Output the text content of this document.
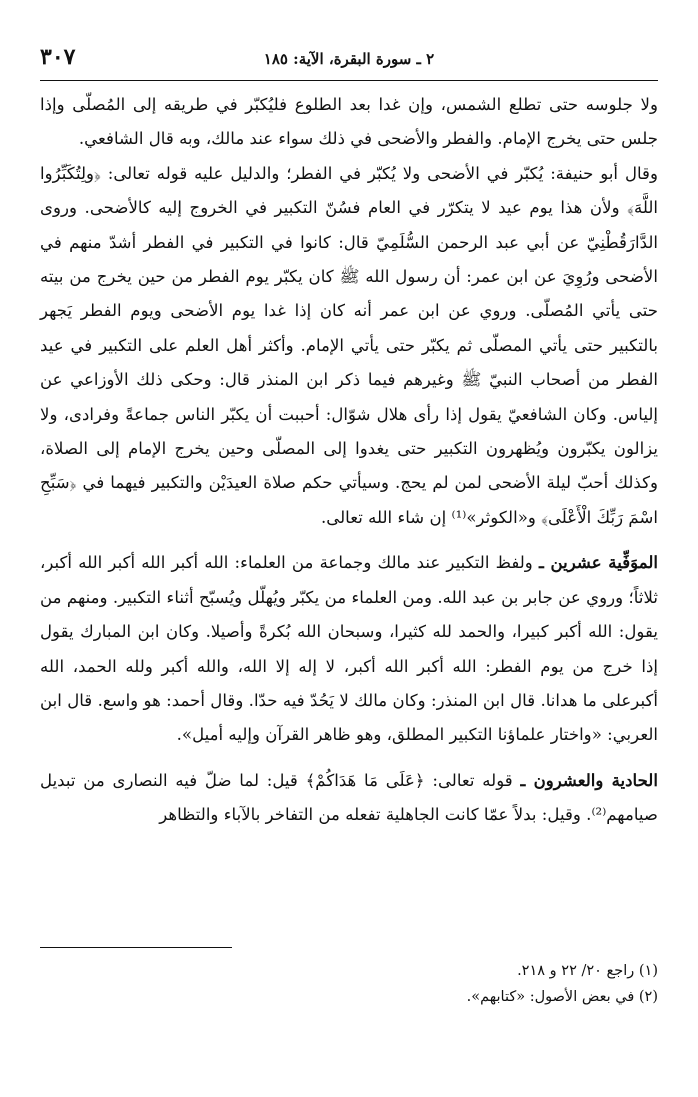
٢ ـ سورة البقرة، الآية: ١٨٥
٣٠٧

ولا جلوسه حتى تطلع الشمس، وإن غدا بعد الطلوع فليُكبّر في طريقه إلى المُصلّى وإذا جلس حتى يخرج الإمام. والفطر والأضحى في ذلك سواء عند مالك، وبه قال الشافعي.

وقال أبو حنيفة: يُكبّر في الأضحى ولا يُكبّر في الفطر؛ والدليل عليه قوله تعالى: ﴿ولِتُكَبِّرُوا اللَّهَ﴾ ولأن هذا يوم عيد لا يتكرّر في العام فسُنّ التكبير في الخروج إليه كالأضحى. وروى الدَّارَقُطْنِيّ عن أبي عبد الرحمن السُّلَمِيّ قال: كانوا في التكبير في الفطر أشدّ منهم في الأضحى ورُوِيَ عن ابن عمر: أن رسول الله ﷺ كان يكبّر يوم الفطر من حين يخرج من بيته حتى يأتي المُصلّى. وروي عن ابن عمر أنه كان إذا غدا يوم الأضحى ويوم الفطر يَجهر بالتكبير حتى يأتي المصلّى ثم يكبّر حتى يأتي الإمام. وأكثر أهل العلم على التكبير في عيد الفطر من أصحاب النبيّ ﷺ وغيرهم فيما ذكر ابن المنذر قال: وحكى ذلك الأوزاعي عن إلياس. وكان الشافعيّ يقول إذا رأى هلال شوّال: أحببت أن يكبّر الناس جماعةً وفرادى، ولا يزالون يكبّرون ويُظهرون التكبير حتى يغدوا إلى المصلّى وحين يخرج الإمام إلى الصلاة، وكذلك أحبّ ليلة الأضحى لمن لم يحج. وسيأتي حكم صلاة العيدَيْن والتكبير فيهما في ﴿سَبِّحِ اسْمَ رَبِّكَ الْأَعْلَى﴾ و«الكوثر»⁽¹⁾ إن شاء الله تعالى.

الموَفِّية عشرين ـ ولفظ التكبير عند مالك وجماعة من العلماء: الله أكبر الله أكبر الله أكبر، ثلاثاً؛ وروي عن جابر بن عبد الله. ومن العلماء من يكبّر ويُهلّل ويُسبّح أثناء التكبير. ومنهم من يقول: الله أكبر كبيرا، والحمد لله كثيرا، وسبحان الله بُكرةً وأصيلا. وكان ابن المبارك يقول إذا خرج من يوم الفطر: الله أكبر الله أكبر، لا إله إلا الله، والله أكبر ولله الحمد، الله أكبرعلى ما هدانا. قال ابن المنذر: وكان مالك لا يَحُدّ فيه حدّا. وقال أحمد: هو واسع. قال ابن العربي: «واختار علماؤنا التكبير المطلق، وهو ظاهر القرآن وإليه أميل».

الحادية والعشرون ـ قوله تعالى: ﴿عَلَى مَا هَدَاكُمْ﴾ قيل: لما ضلّ فيه النصارى من تبديل صيامهم⁽²⁾. وقيل: بدلاً عمّا كانت الجاهلية تفعله من التفاخر بالآباء والتظاهر

(١) راجع ٢٠/ ٢٢ و ٢١٨.

(٢) في بعض الأصول: «كتابهم».
